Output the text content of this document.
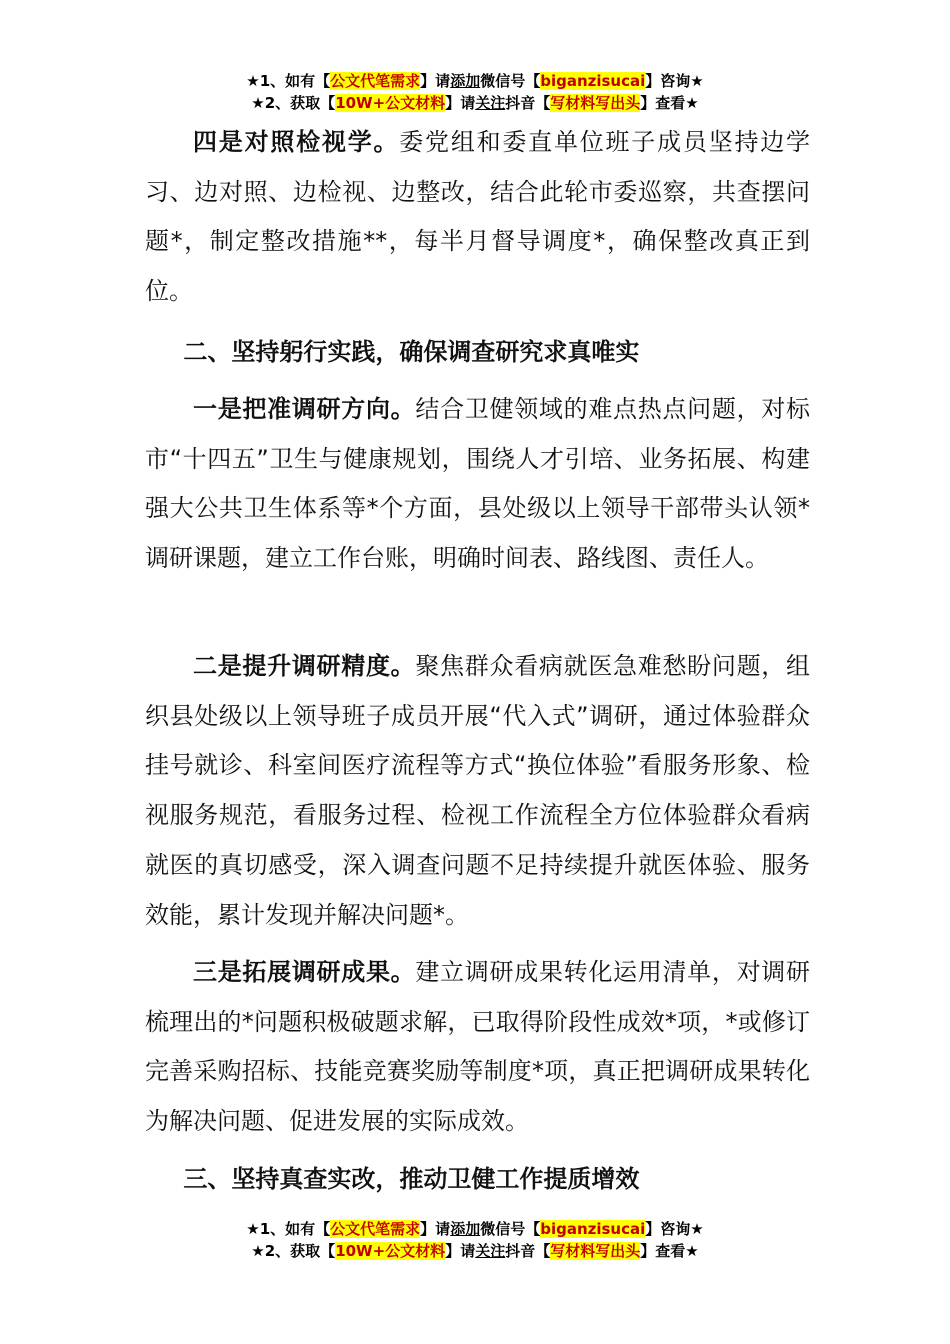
★1、如有【公文代笔需求】请添加微信号【biganzisucai】咨询★
★2、获取【10W+公文材料】请关注抖音【写材料写出头】查看★

四是对照检视学。委党组和委直单位班子成员坚持边学习、边对照、边检视、边整改，结合此轮市委巡察，共查摆问题*，制定整改措施**，每半月督导调度*，确保整改真正到位。

二、坚持躬行实践，确保调查研究求真唯实

一是把准调研方向。结合卫健领域的难点热点问题，对标市“十四五”卫生与健康规划，围绕人才引培、业务拓展、构建强大公共卫生体系等*个方面，县处级以上领导干部带头认领*调研课题，建立工作台账，明确时间表、路线图、责任人。

二是提升调研精度。聚焦群众看病就医急难愁盼问题，组织县处级以上领导班子成员开展“代入式”调研，通过体验群众挂号就诊、科室间医疗流程等方式“换位体验”看服务形象、检视服务规范，看服务过程、检视工作流程全方位体验群众看病就医的真切感受，深入调查问题不足持续提升就医体验、服务效能，累计发现并解决问题*。

三是拓展调研成果。建立调研成果转化运用清单，对调研梳理出的*问题积极破题求解，已取得阶段性成效*项，*或修订完善采购招标、技能竞赛奖励等制度*项，真正把调研成果转化为解决问题、促进发展的实际成效。

三、坚持真查实改，推动卫健工作提质增效

★1、如有【公文代笔需求】请添加微信号【biganzisucai】咨询★
★2、获取【10W+公文材料】请关注抖音【写材料写出头】查看★
